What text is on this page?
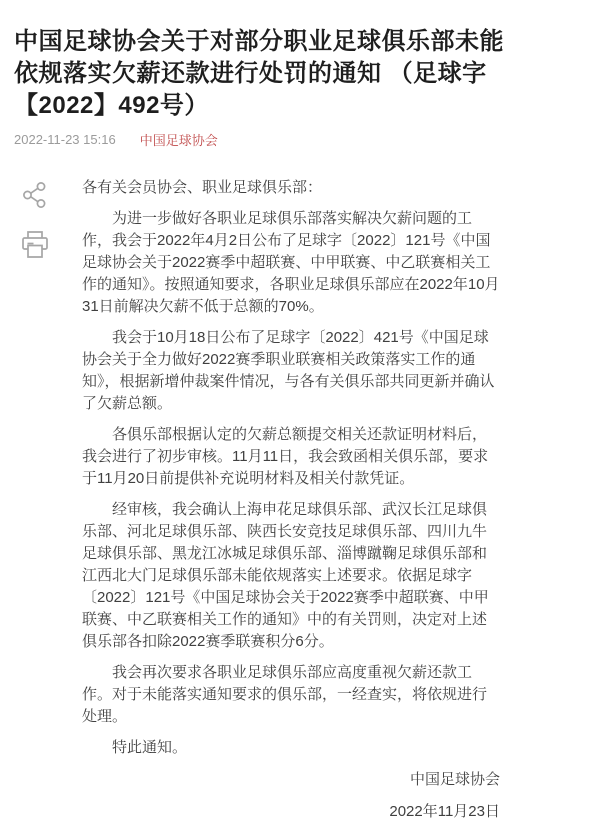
中国足球协会关于对部分职业足球俱乐部未能依规落实欠薪还款进行处罚的通知 （足球字【2022】492号）
2022-11-23 15:16 中国足球协会

各有关会员协会、职业足球俱乐部：

为进一步做好各职业足球俱乐部落实解决欠薪问题的工作，我会于2022年4月2日公布了足球字〔2022〕121号《中国足球协会关于2022赛季中超联赛、中甲联赛、中乙联赛相关工作的通知》。按照通知要求，各职业足球俱乐部应在2022年10月31日前解决欠薪不低于总额的70%。

我会于10月18日公布了足球字〔2022〕421号《中国足球协会关于全力做好2022赛季职业联赛相关政策落实工作的通知》，根据新增仲裁案件情况，与各有关俱乐部共同更新并确认了欠薪总额。

各俱乐部根据认定的欠薪总额提交相关还款证明材料后，我会进行了初步审核。11月11日，我会致函相关俱乐部，要求于11月20日前提供补充说明材料及相关付款凭证。

经审核，我会确认上海申花足球俱乐部、武汉长江足球俱乐部、河北足球俱乐部、陕西长安竞技足球俱乐部、四川九牛足球俱乐部、黑龙江冰城足球俱乐部、淄博蹴鞠足球俱乐部和江西北大门足球俱乐部未能依规落实上述要求。依据足球字〔2022〕121号《中国足球协会关于2022赛季中超联赛、中甲联赛、中乙联赛相关工作的通知》中的有关罚则，决定对上述俱乐部各扣除2022赛季联赛积分6分。

我会再次要求各职业足球俱乐部应高度重视欠薪还款工作。对于未能落实通知要求的俱乐部，一经查实，将依规进行处理。

特此通知。

中国足球协会

2022年11月23日
